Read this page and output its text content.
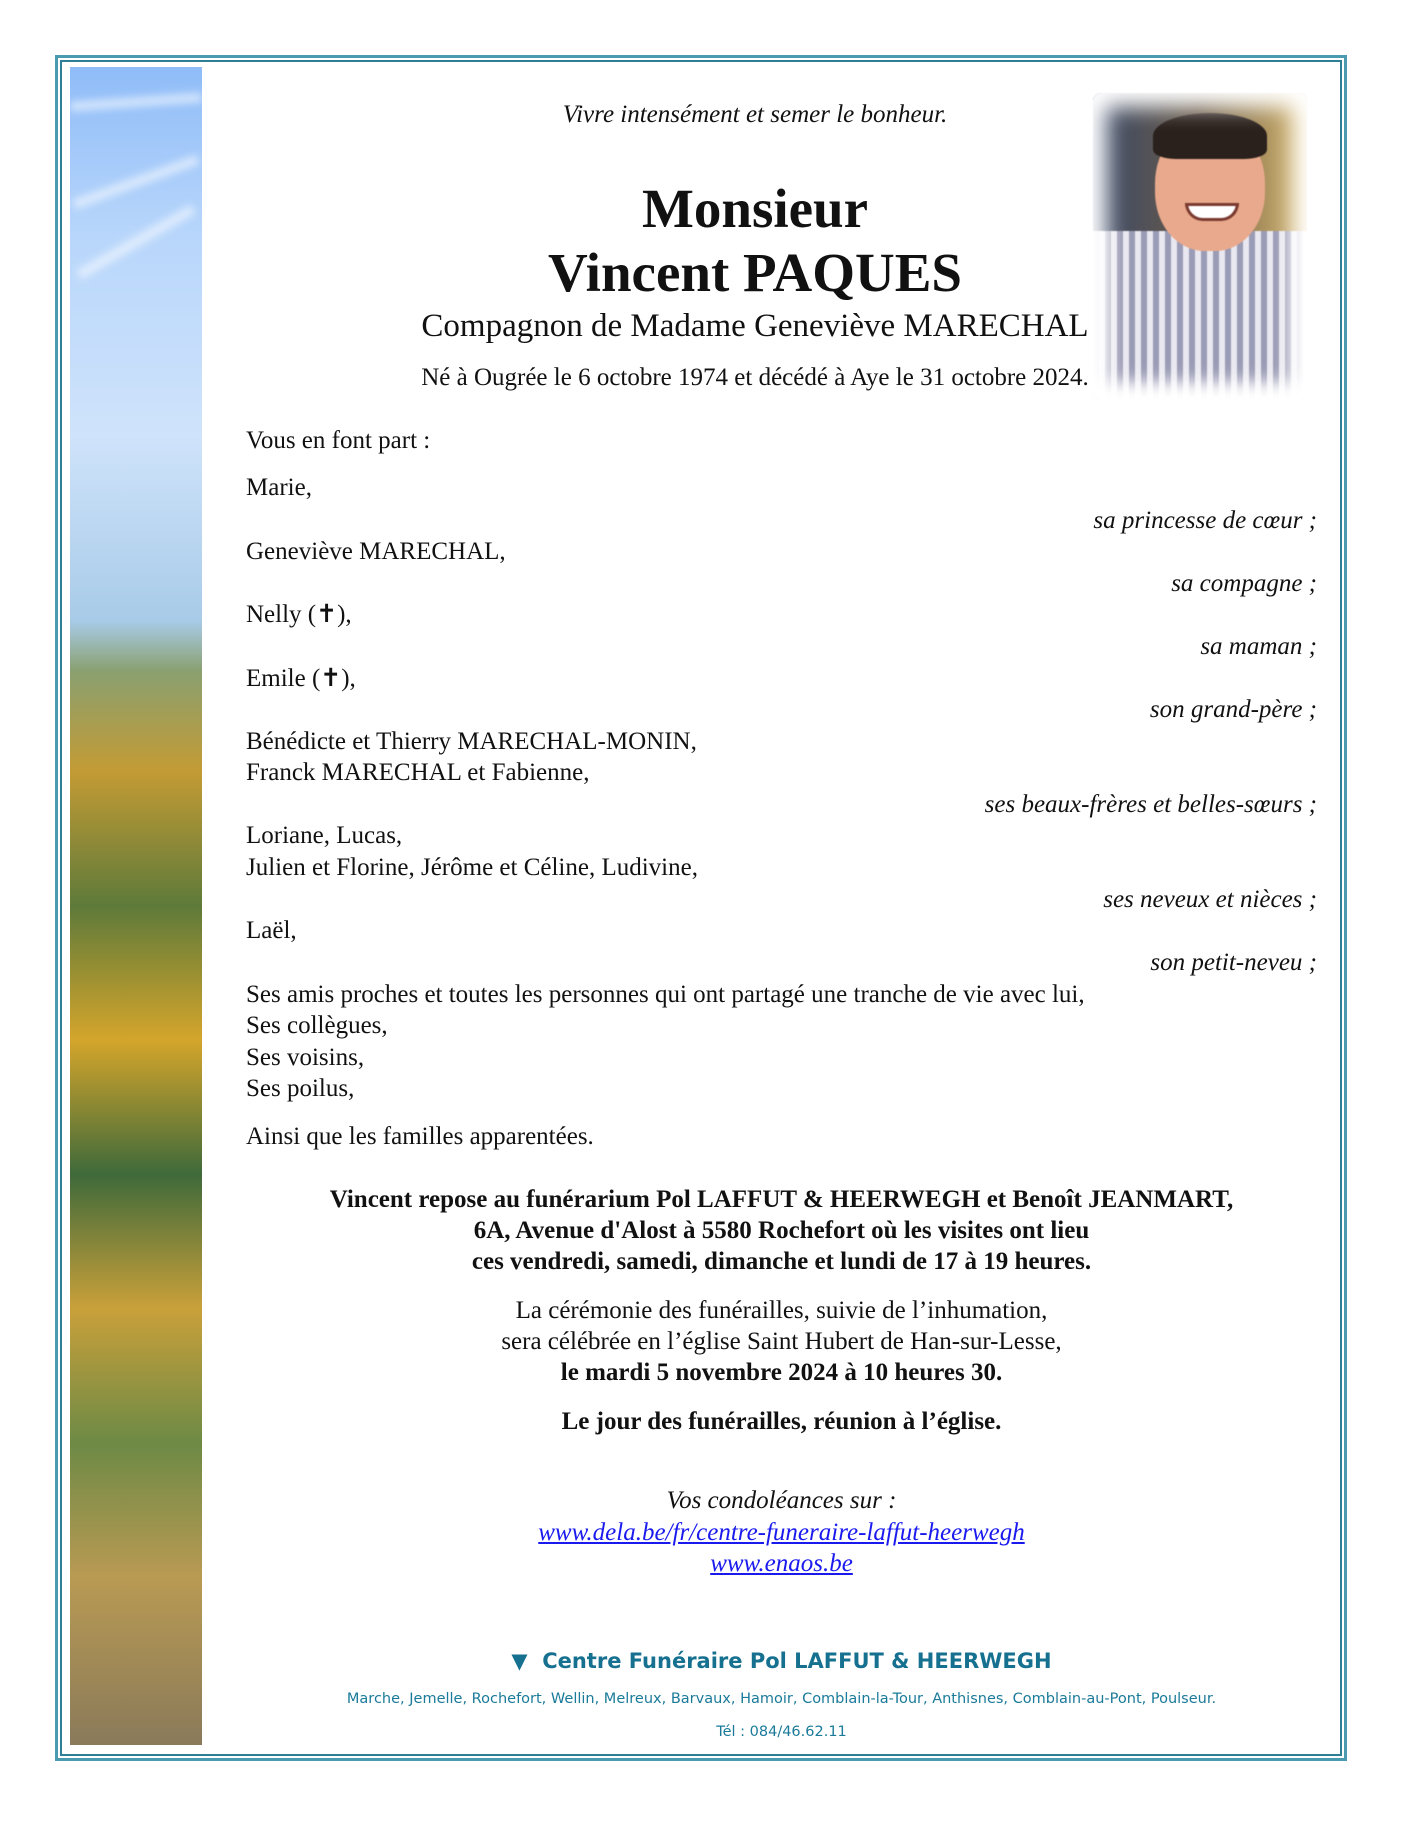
Vivre intensément et semer le bonheur.
Monsieur
Vincent PAQUES
Compagnon de Madame Geneviève MARECHAL
Né à Ougrée le 6 octobre 1974 et décédé à Aye le 31 octobre 2024.
Vous en font part :
Marie,
sa princesse de cœur ;
Geneviève MARECHAL,
sa compagne ;
Nelly (✝),
sa maman ;
Emile (✝),
son grand-père ;
Bénédicte et Thierry MARECHAL-MONIN,
Franck MARECHAL et Fabienne,
ses beaux-frères et belles-sœurs ;
Loriane, Lucas,
Julien et Florine, Jérôme et Céline, Ludivine,
ses neveux et nièces ;
Laël,
son petit-neveu ;
Ses amis proches et toutes les personnes qui ont partagé une tranche de vie avec lui,
Ses collègues,
Ses voisins,
Ses poilus,
Ainsi que les familles apparentées.
Vincent repose au funérarium Pol LAFFUT & HEERWEGH et Benoît JEANMART,
6A, Avenue d'Alost à 5580 Rochefort où les visites ont lieu
ces vendredi, samedi, dimanche et lundi de 17 à 19 heures.
La cérémonie des funérailles, suivie de l’inhumation,
sera célébrée en l’église Saint Hubert de Han-sur-Lesse,
le mardi 5 novembre 2024 à 10 heures 30.
Le jour des funérailles, réunion à l’église.
Vos condoléances sur :
www.dela.be/fr/centre-funeraire-laffut-heerwegh
www.enaos.be
▼ Centre Funéraire Pol LAFFUT & HEERWEGH
Marche, Jemelle, Rochefort, Wellin, Melreux, Barvaux, Hamoir, Comblain-la-Tour, Anthisnes, Comblain-au-Pont, Poulseur.
Tél : 084/46.62.11
